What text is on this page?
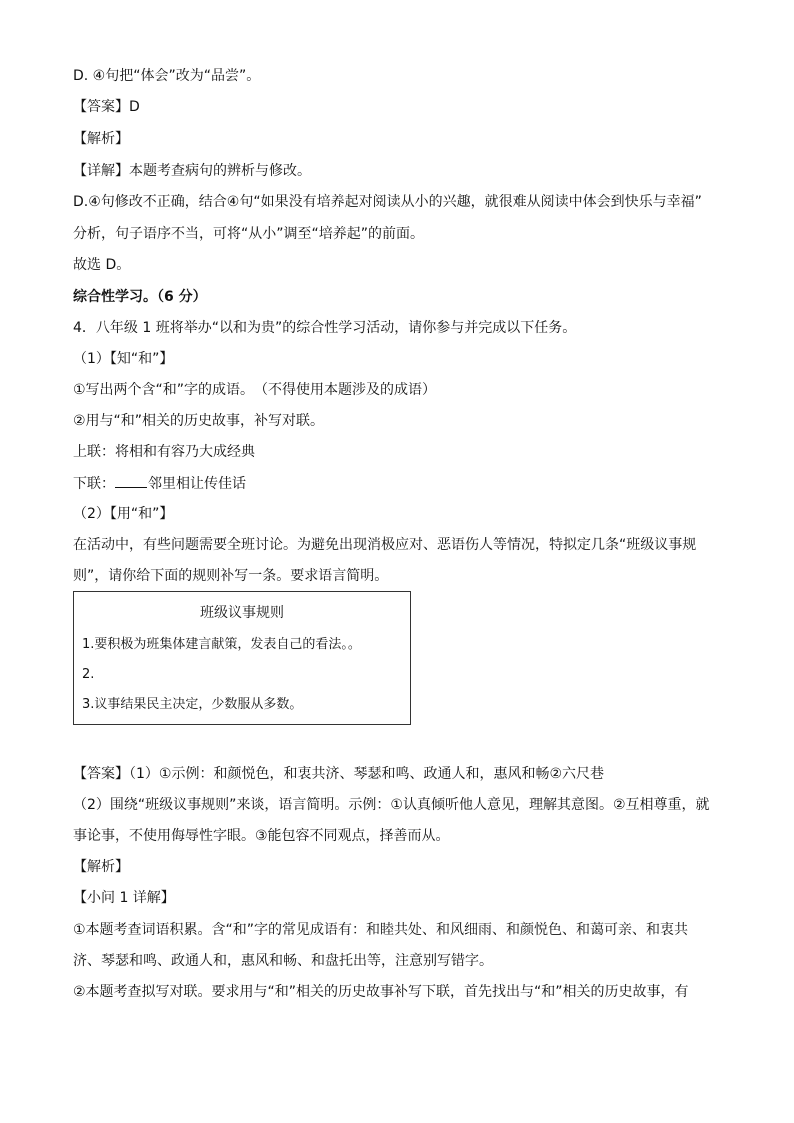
D. ④句把“体会”改为“品尝”。
【答案】D
【解析】
【详解】本题考查病句的辨析与修改。
D.④句修改不正确，结合④句“如果没有培养起对阅读从小的兴趣，就很难从阅读中体会到快乐与幸福”
分析，句子语序不当，可将“从小”调至“培养起”的前面。
故选 D。
综合性学习。（6 分）
4．八年级 1 班将举办“以和为贵”的综合性学习活动，请你参与并完成以下任务。
（1）【知“和”】
①写出两个含“和”字的成语。　（不得使用本题涉及的成语）
②用与“和”相关的历史故事，补写对联。
上联：将相和有容乃大成经典
下联： 邻里相让传佳话
（2）【用“和”】
在活动中，有些问题需要全班讨论。为避免出现消极应对、恶语伤人等情况，特拟定几条“班级议事规
则”，请你给下面的规则补写一条。要求语言简明。
班级议事规则
1.要积极为班集体建言献策，发表自己的看法。。
2.
3.议事结果民主决定，少数服从多数。
【答案】（1）①示例：和颜悦色，和衷共济、琴瑟和鸣、政通人和，惠风和畅②六尺巷
（2）围绕“班级议事规则”来谈，语言简明。示例：①认真倾听他人意见，理解其意图。②互相尊重，就
事论事，不使用侮辱性字眼。③能包容不同观点，择善而从。
【解析】
【小问 1 详解】
①本题考查词语积累。含“和”字的常见成语有：和睦共处、和风细雨、和颜悦色、和蔼可亲、和衷共
济、琴瑟和鸣、政通人和，惠风和畅、和盘托出等，注意别写错字。
②本题考查拟写对联。要求用与“和”相关的历史故事补写下联，首先找出与“和”相关的历史故事，有
